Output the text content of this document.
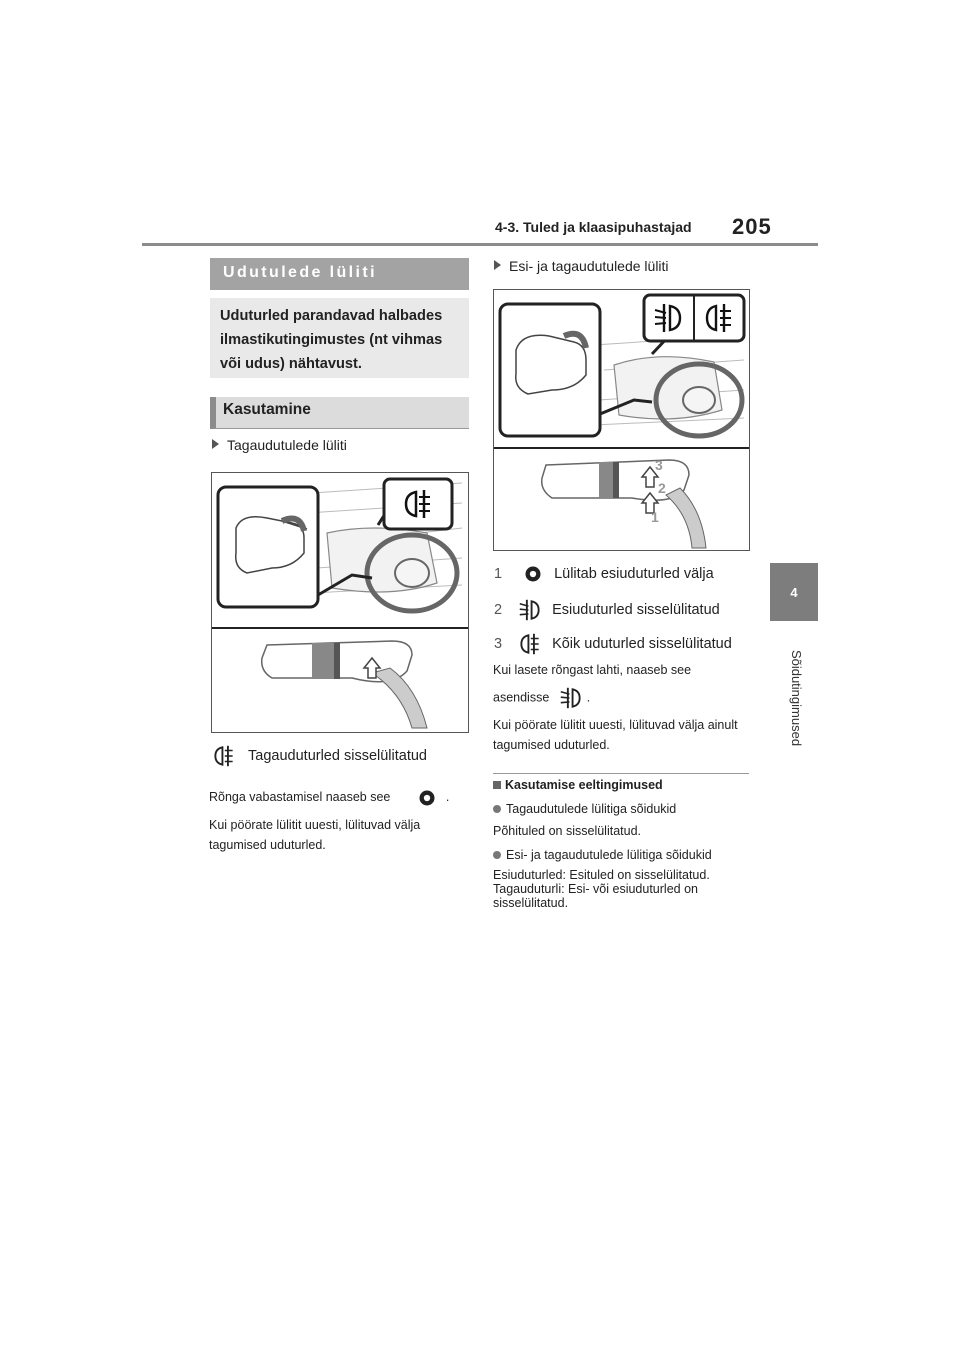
4-3. Tuled ja klaasipuhastajad 205
4
Sõidutingimused
Udutulede lüliti

Uduturled parandavad halbades ilmastikutingimustes (nt vihmas või udus) nähtavust.

Kasutamine
Tagaudutulede lüliti
Tagauduturled sisselülitatud
Rõnga vabastamisel naaseb see	.
Kui pöörate lülitit uuesti, lülituvad välja tagumised uduturled.
Esi- ja tagaudutulede lüliti
3
2
1
1	Lülitab esiuduturled välja
2	Esiuduturled sisselülitatud
3	Kõik uduturled sisselülitatud
Kui lasete rõngast lahti, naaseb see
asendisse	.
Kui pöörate lülitit uuesti, lülituvad välja ainult tagumised uduturled.
Kasutamise eeltingimused
Tagaudutulede lülitiga sõidukid
Põhituled on sisselülitatud.
Esi- ja tagaudutulede lülitiga sõidukid
Esiuduturled: Esituled on sisselülitatud.
Tagauduturli: Esi- või esiuduturled on sisselülitatud.
